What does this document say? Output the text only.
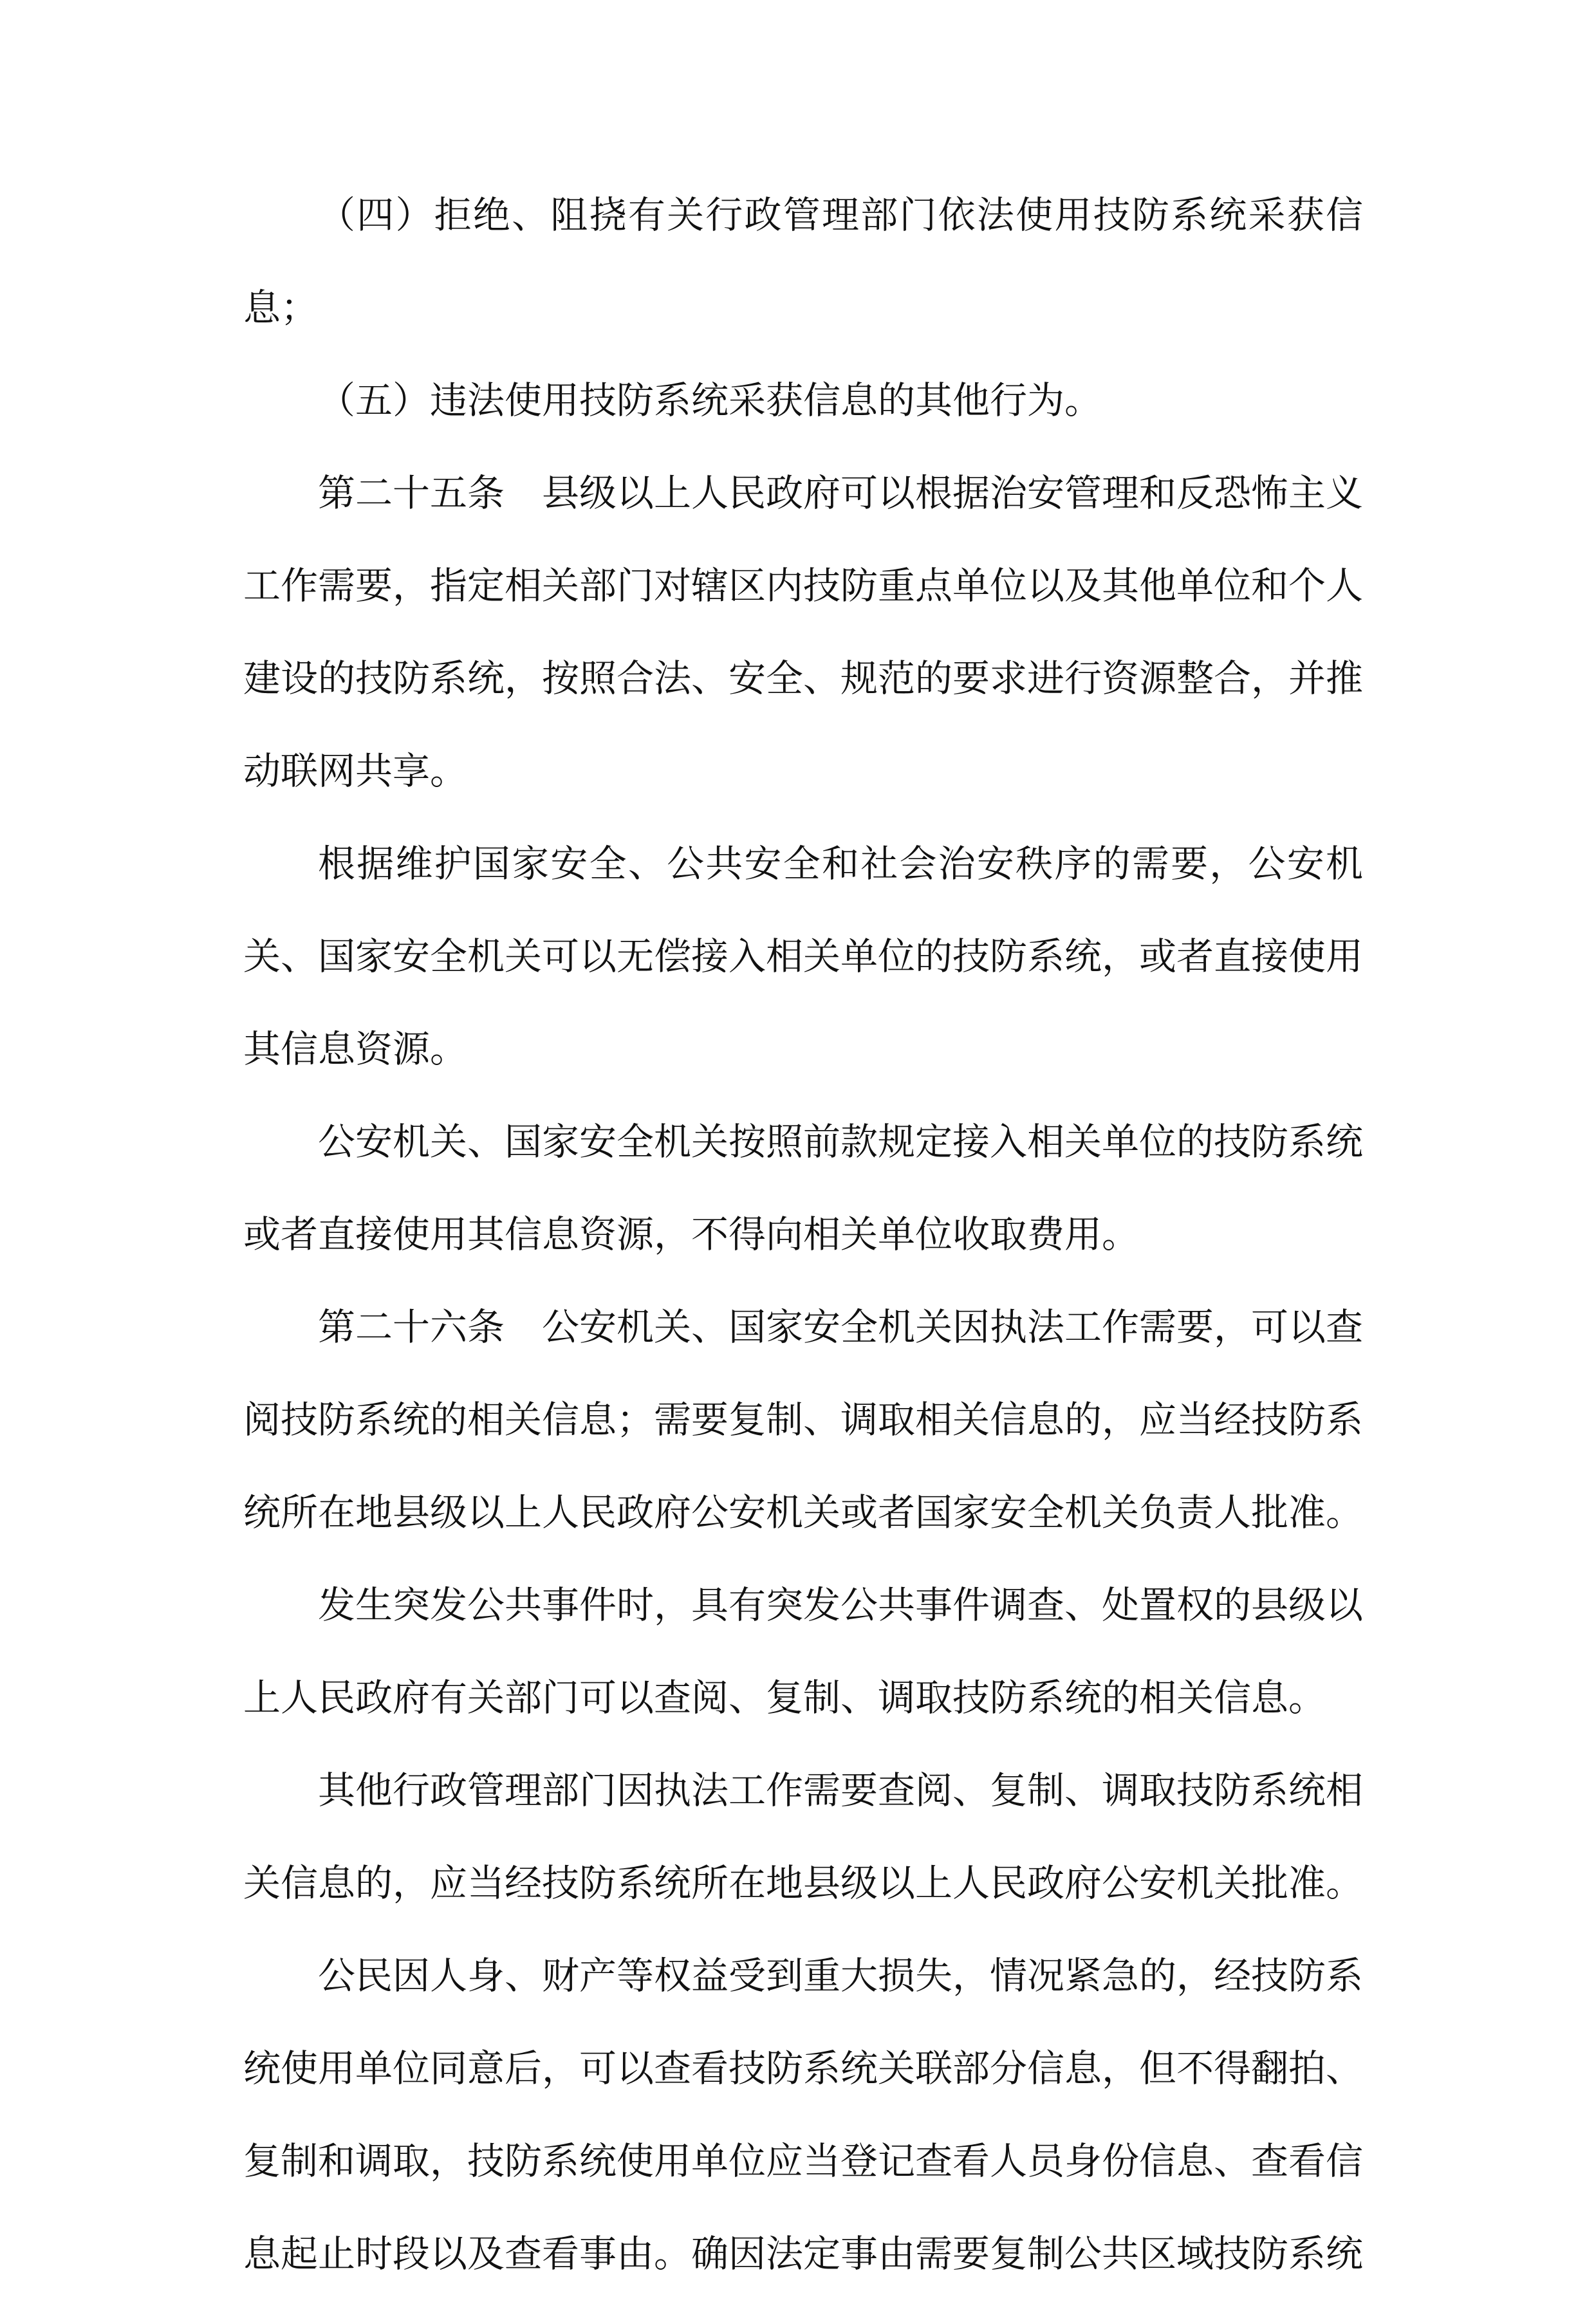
（四）拒绝、阻挠有关行政管理部门依法使用技防系统采获信息；

（五）违法使用技防系统采获信息的其他行为。

第二十五条　县级以上人民政府可以根据治安管理和反恐怖主义工作需要，指定相关部门对辖区内技防重点单位以及其他单位和个人建设的技防系统，按照合法、安全、规范的要求进行资源整合，并推动联网共享。

根据维护国家安全、公共安全和社会治安秩序的需要，公安机关、国家安全机关可以无偿接入相关单位的技防系统，或者直接使用其信息资源。

公安机关、国家安全机关按照前款规定接入相关单位的技防系统或者直接使用其信息资源，不得向相关单位收取费用。

第二十六条　公安机关、国家安全机关因执法工作需要，可以查阅技防系统的相关信息；需要复制、调取相关信息的，应当经技防系统所在地县级以上人民政府公安机关或者国家安全机关负责人批准。

发生突发公共事件时，具有突发公共事件调查、处置权的县级以上人民政府有关部门可以查阅、复制、调取技防系统的相关信息。

其他行政管理部门因执法工作需要查阅、复制、调取技防系统相关信息的，应当经技防系统所在地县级以上人民政府公安机关批准。

公民因人身、财产等权益受到重大损失，情况紧急的，经技防系统使用单位同意后，可以查看技防系统关联部分信息，但不得翻拍、复制和调取，技防系统使用单位应当登记查看人员身份信息、查看信息起止时段以及查看事由。确因法定事由需要复制公共区域技防系统
